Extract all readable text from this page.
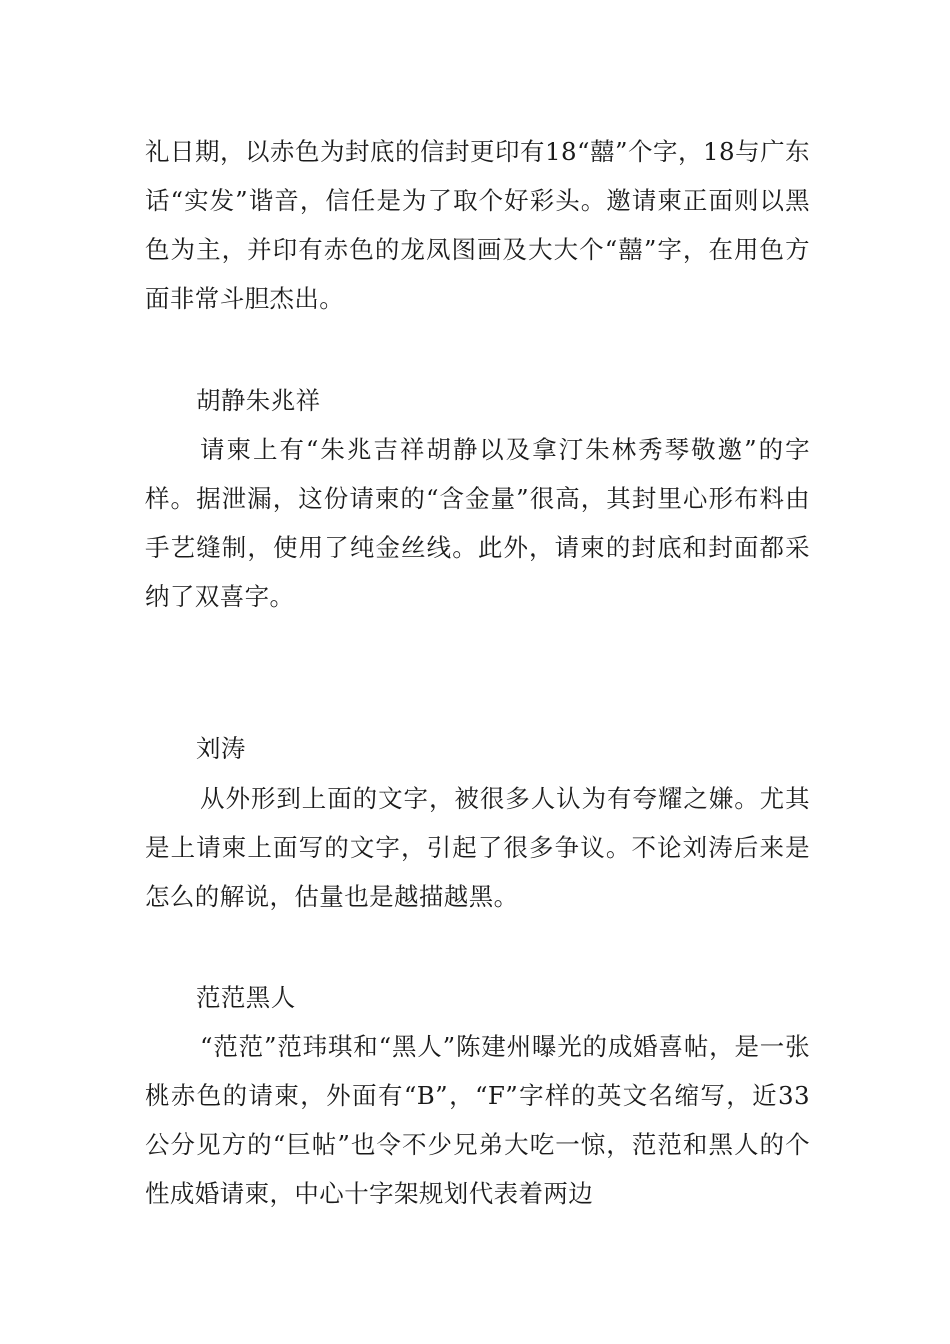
礼日期，以赤色为封底的信封更印有18“囍”个字，18与广东话“实发”谐音，信任是为了取个好彩头。邀请柬正面则以黑色为主，并印有赤色的龙凤图画及大大个“囍”字，在用色方面非常斗胆杰出。

胡静朱兆祥

请柬上有“朱兆吉祥胡静以及拿汀朱林秀琴敬邀”的字样。据泄漏，这份请柬的“含金量”很高，其封里心形布料由手艺缝制，使用了纯金丝线。此外，请柬的封底和封面都采纳了双喜字。

刘涛

从外形到上面的文字，被很多人认为有夸耀之嫌。尤其是上请柬上面写的文字，引起了很多争议。不论刘涛后来是怎么的解说，估量也是越描越黑。

范范黑人

“范范”范玮琪和“黑人”陈建州曝光的成婚喜帖，是一张桃赤色的请柬，外面有“B”，“F”字样的英文名缩写，近33公分见方的“巨帖”也令不少兄弟大吃一惊，范范和黑人的个性成婚请柬，中心十字架规划代表着两边
